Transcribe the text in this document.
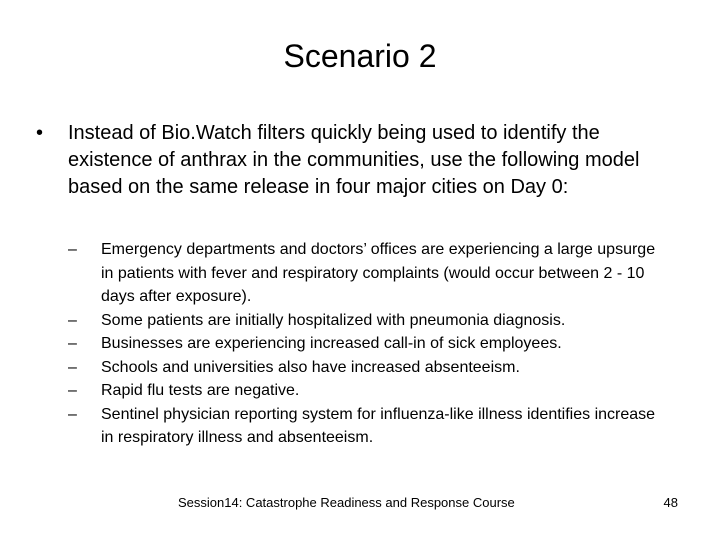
Scenario 2
•	Instead of Bio.Watch filters quickly being used to identify the existence of anthrax in the communities, use the following model based on the same release in four major cities on Day 0:
–	Emergency departments and doctors’ offices are experiencing a large upsurge in patients with fever and respiratory complaints (would occur between 2 - 10 days after exposure).
–	Some patients are initially hospitalized with pneumonia diagnosis.
–	Businesses are experiencing increased call-in of sick employees.
–	Schools and universities also have increased absenteeism.
–	Rapid flu tests are negative.
–	Sentinel physician reporting system for influenza-like illness identifies increase in respiratory illness and absenteeism.
Session14: Catastrophe Readiness and Response Course	48
